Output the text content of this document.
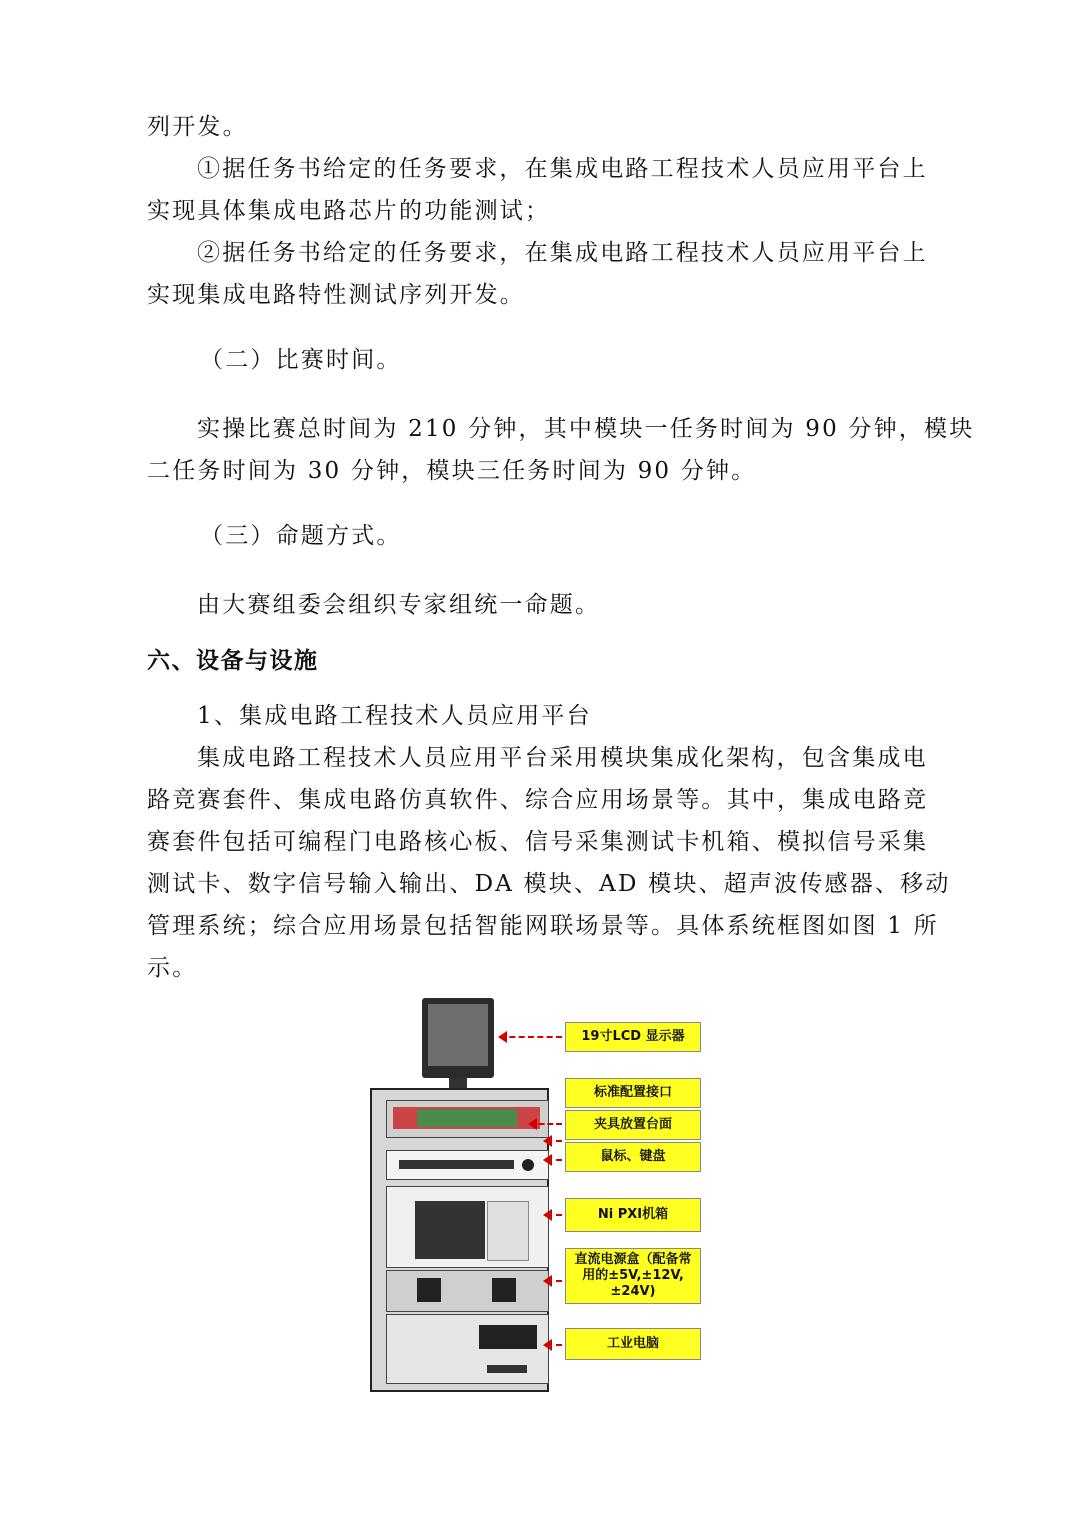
列开发。
①据任务书给定的任务要求，在集成电路工程技术人员应用平台上
实现具体集成电路芯片的功能测试；
②据任务书给定的任务要求，在集成电路工程技术人员应用平台上
实现集成电路特性测试序列开发。
（二）比赛时间。
实操比赛总时间为 210 分钟，其中模块一任务时间为 90 分钟，模块
二任务时间为 30 分钟，模块三任务时间为 90 分钟。
（三）命题方式。
由大赛组委会组织专家组统一命题。
六、设备与设施
1、集成电路工程技术人员应用平台
集成电路工程技术人员应用平台采用模块集成化架构，包含集成电
路竞赛套件、集成电路仿真软件、综合应用场景等。其中，集成电路竞
赛套件包括可编程门电路核心板、信号采集测试卡机箱、模拟信号采集
测试卡、数字信号输入输出、DA 模块、AD 模块、超声波传感器、移动
管理系统；综合应用场景包括智能网联场景等。具体系统框图如图 1 所
示。
19寸LCD 显示器
标准配置接口
夹具放置台面
鼠标、键盘
Ni PXI机箱
直流电源盒（配备常用的±5V,±12V,±24V)
工业电脑
